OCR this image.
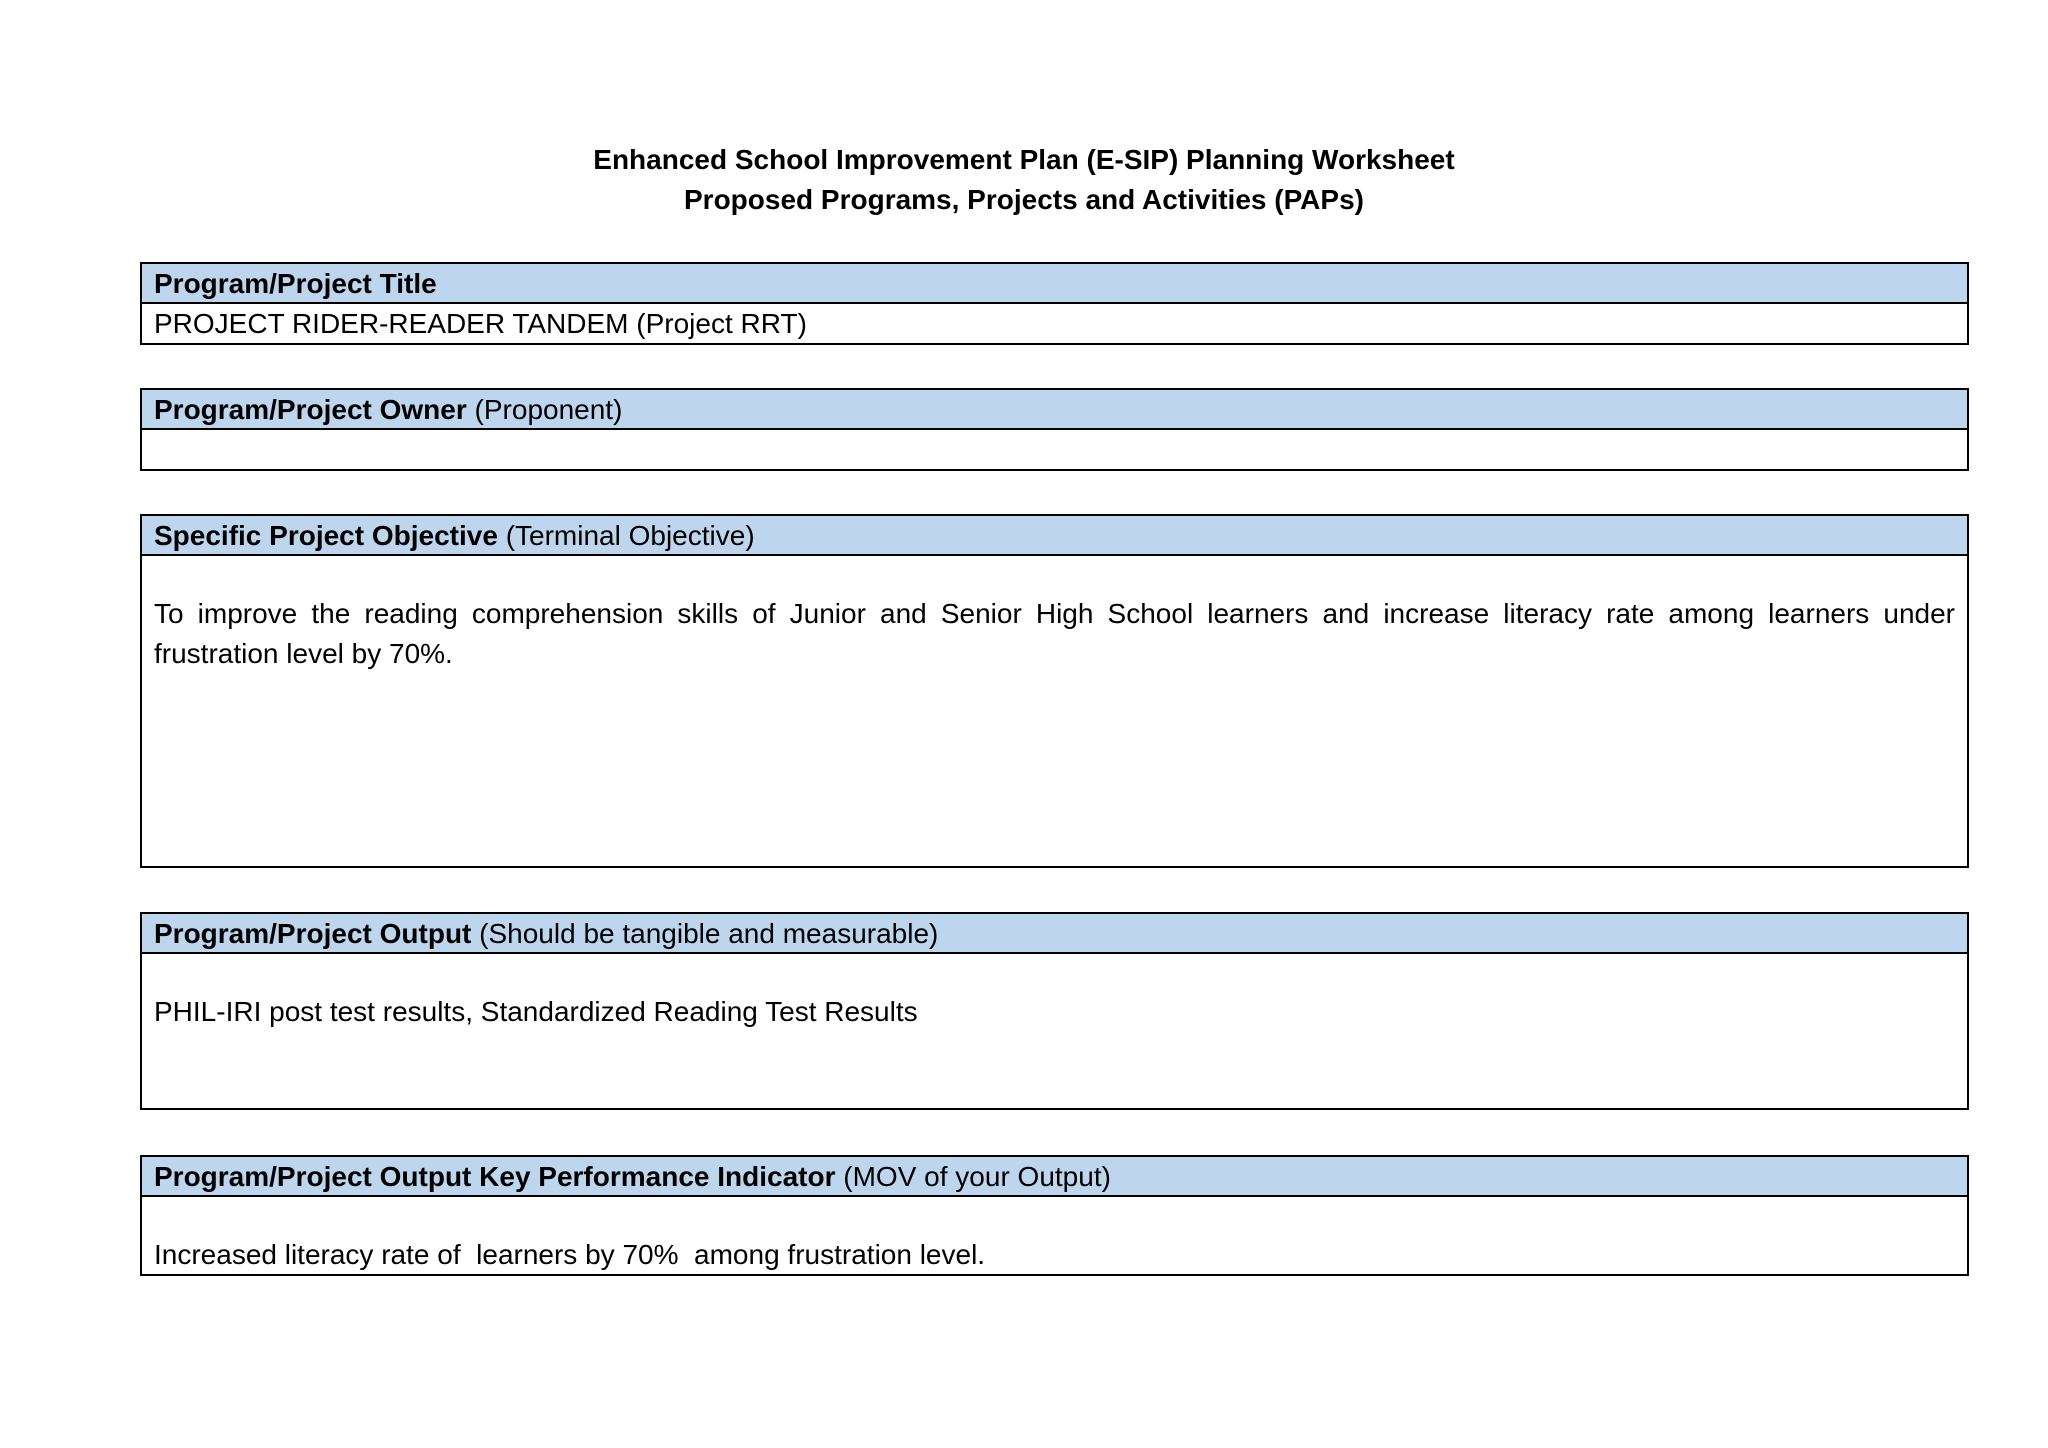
Enhanced School Improvement Plan (E-SIP) Planning Worksheet
Proposed Programs, Projects and Activities (PAPs)
Program/Project Title
PROJECT RIDER-READER TANDEM (Project RRT)
Program/Project Owner (Proponent)
Specific Project Objective (Terminal Objective)
To improve the reading comprehension skills of Junior and Senior High School learners and increase literacy rate among learners under frustration level by 70%.
Program/Project Output (Should be tangible and measurable)
PHIL-IRI post test results, Standardized Reading Test Results
Program/Project Output Key Performance Indicator (MOV of your Output)
Increased literacy rate of  learners by 70%  among frustration level.
